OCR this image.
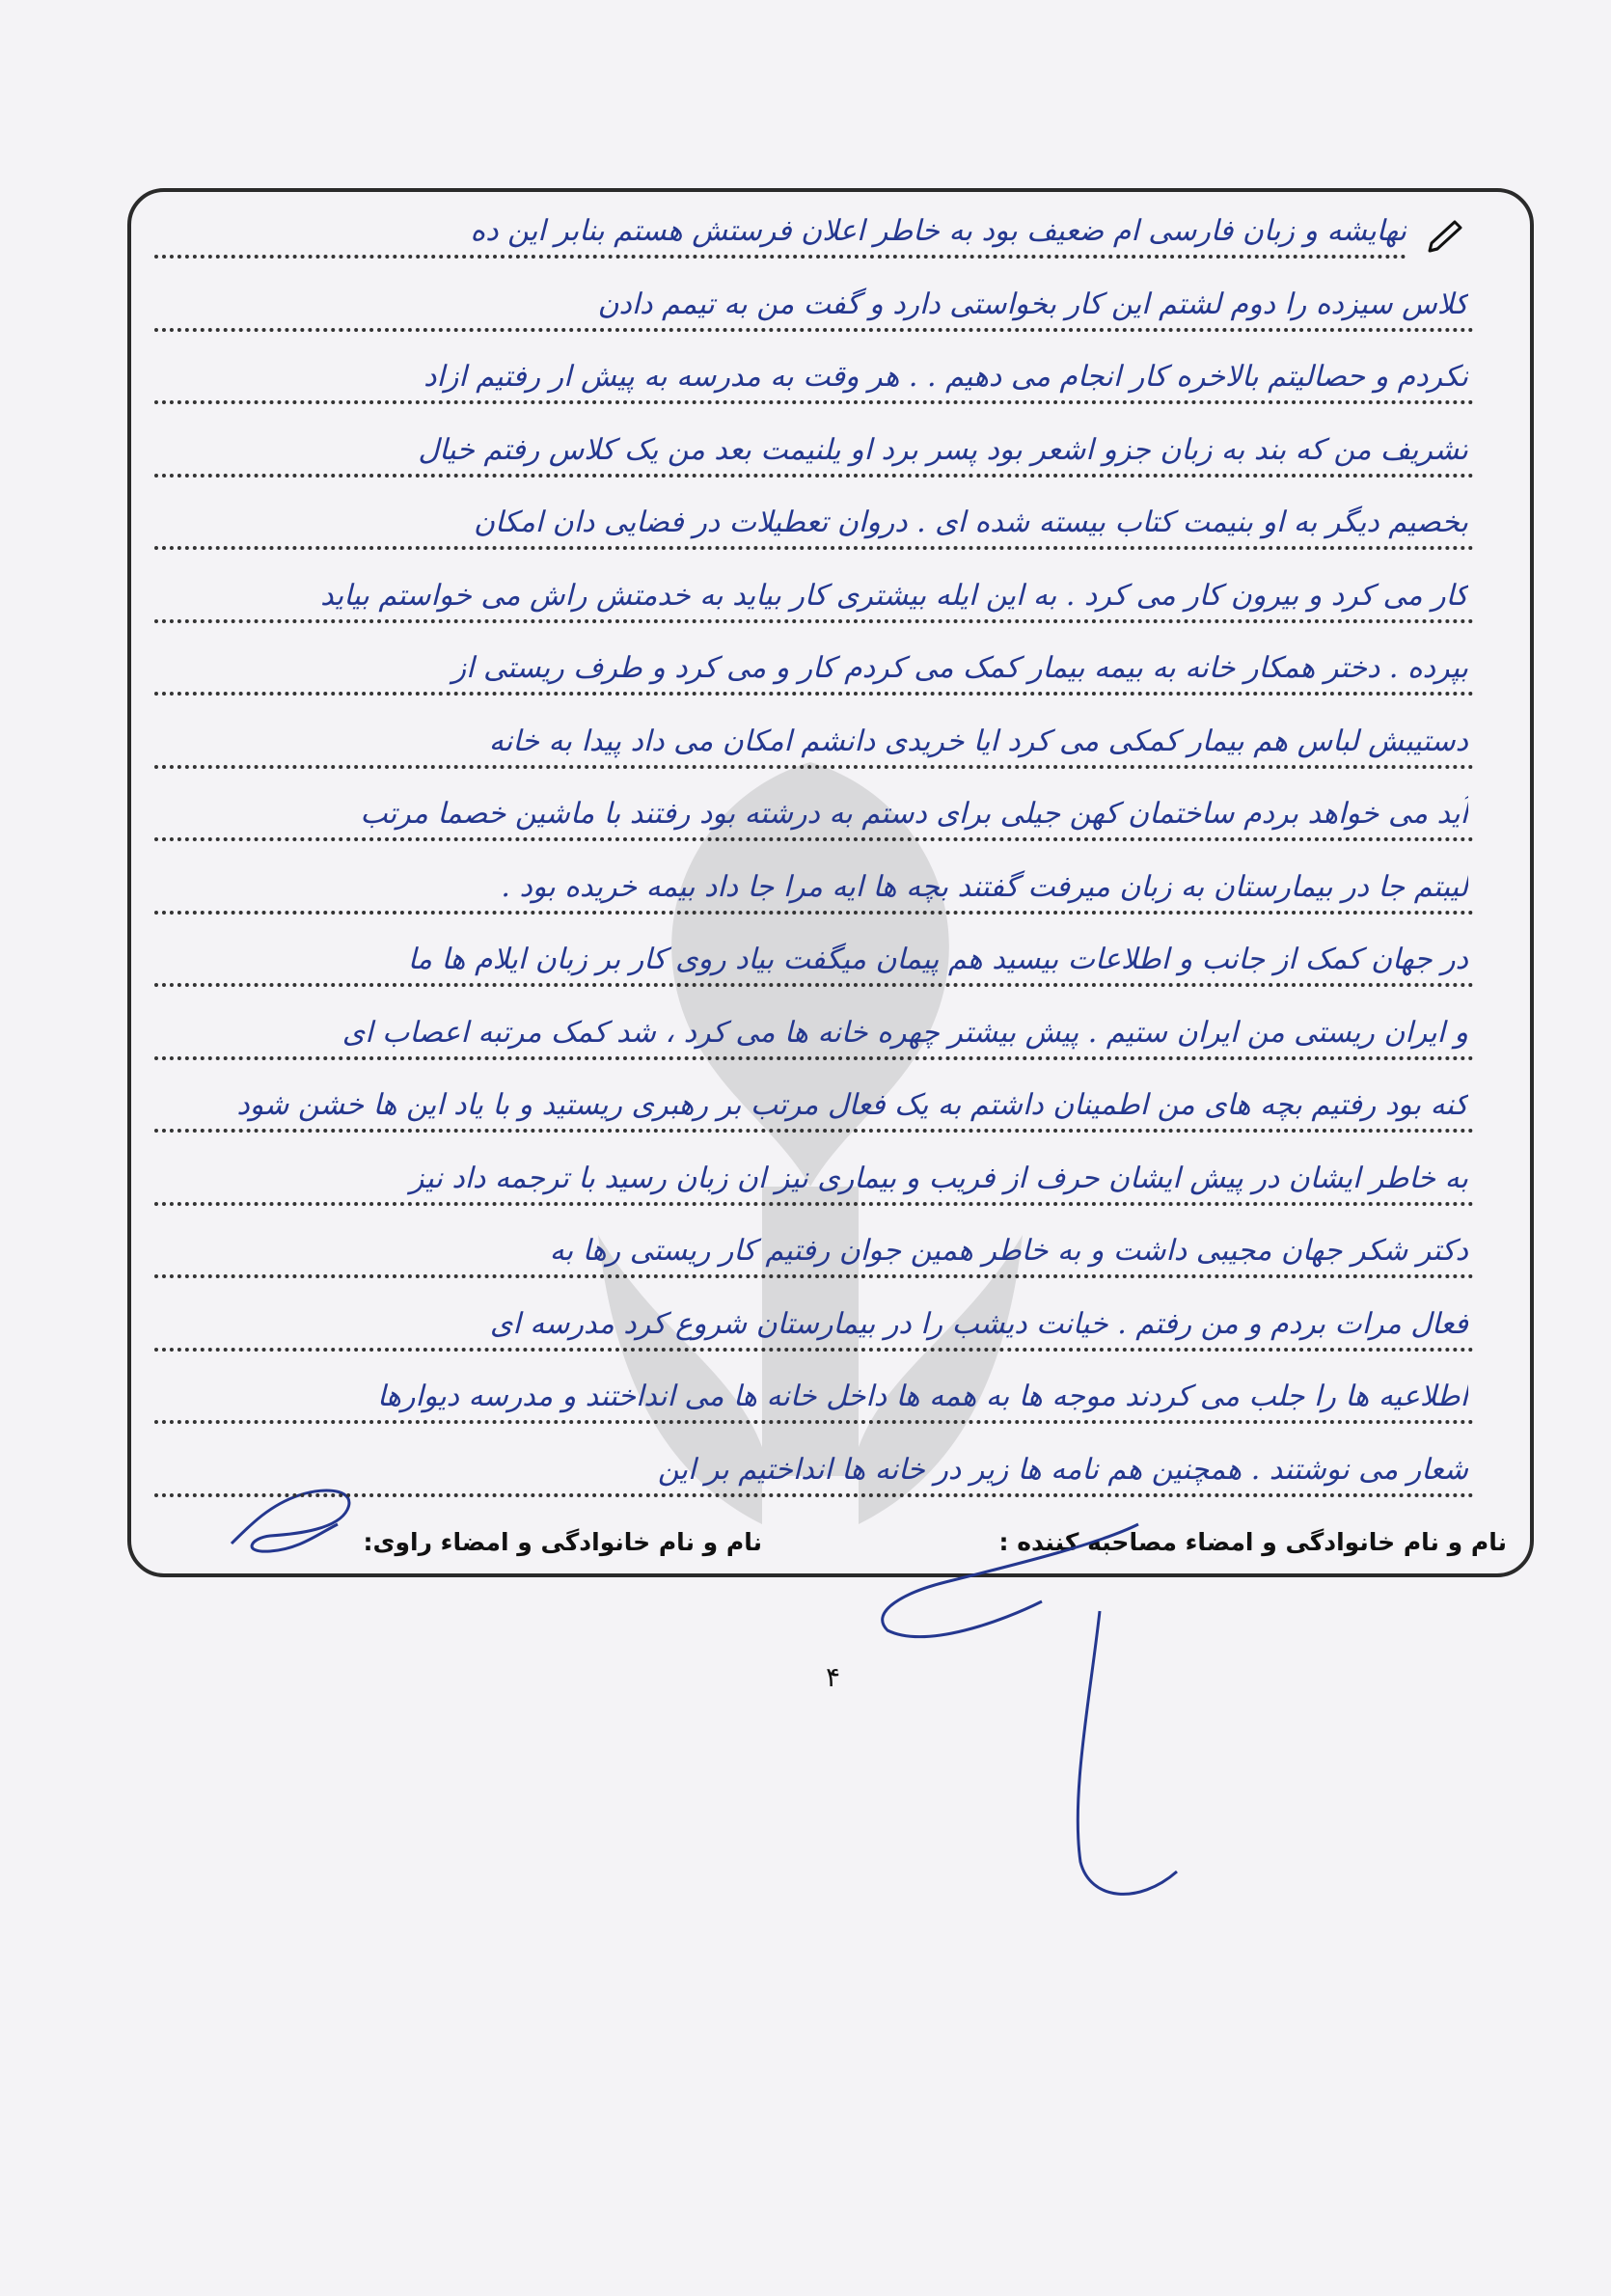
نام و نام خانوادگی و امضاء مصاحبه کننده :
نام و نام خانوادگی و امضاء راوی:
۴
نهایشه و زبان فارسی ام ضعیف بود به خاطر اعلان فرستش هستم بنابر این ده
کلاس سیزده را دوم لشتم این کار بخواستی دارد و گفت من به تیمم دادن
نکردم و حصالیتم بالاخره کار انجام می دهیم . . هر وقت به مدرسه به پیش ار رفتیم ازاد
تشریف من که بند به زبان جزو اشعر بود پسر برد او یلنیمت بعد من یک کلاس رفتم خیال
بخصیم دیگر به او بنیمت کتاب بیسته شده ای . دروان تعطیلات در فضایی دان امکان
کار می کرد و بیرون کار می کرد . به این ایله بیشتری کار بیاید به خدمتش راش می خواستم بیاید
بپرده . دختر همکار خانه به بیمه بیمار کمک می کردم کار و می کرد و طرف ریستی از
دستیبش لباس هم بیمار کمکی می کرد ایا خریدی دانشم امکان می داد پیدا به خانه
آید می خواهد بردم ساختمان کهن جیلی برای دستم به درشته بود رفتند با ماشین خصما مرتب
لیبتم جا در بیمارستان به زبان میرفت گفتند بچه ها ایه مرا جا داد بیمه خریده بود .
در جهان کمک از جانب و اطلاعات بیسید هم پیمان میگفت بیاد روی کار بر زبان ایلام ها ما
و ایران ریستی من ایران ستیم . پیش بیشتر چهره خانه ها می کرد ، شد کمک مرتبه اعصاب ای
کنه بود رفتیم بچه های من اطمینان داشتم به یک فعال مرتب بر رهبری ریستید و با یاد این ها خشن شود
به خاطر ایشان در پیش ایشان حرف از فریب و بیماری نیز ان زبان رسید با ترجمه داد نیز
دکتر شکر جهان مجیبی داشت و به خاطر همین جوان رفتیم کار ریستی رها به
فعال مرات بردم و من رفتم . خیانت دیشب را در بیمارستان شروع کرد مدرسه ای
اطلاعیه ها را جلب می کردند موجه ها به همه ها داخل خانه ها می انداختند و مدرسه دیوارها
شعار می نوشتند . همچنین هم نامه ها زیر در خانه ها انداختیم بر این
